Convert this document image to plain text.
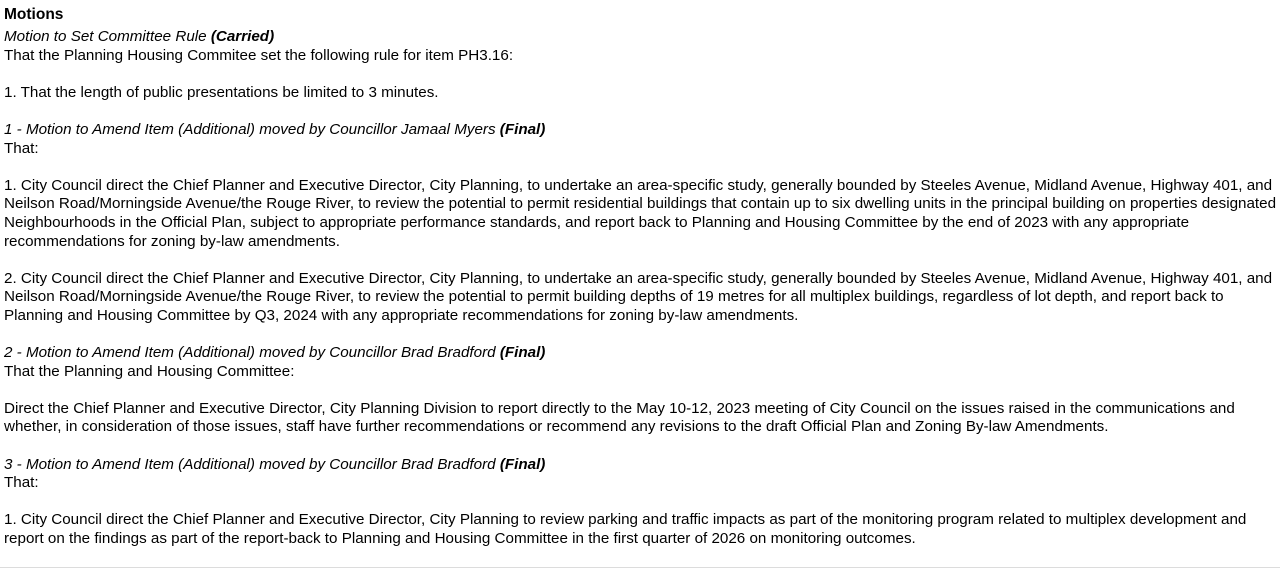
Motions
Motion to Set Committee Rule (Carried)

That the Planning Housing Commitee set the following rule for item PH3.16:

1. That the length of public presentations be limited to 3 minutes.

1 - Motion to Amend Item (Additional) moved by Councillor Jamaal Myers (Final)

That:

1. City Council direct the Chief Planner and Executive Director, City Planning, to undertake an area-specific study, generally bounded by Steeles Avenue, Midland Avenue, Highway 401, and Neilson Road/Morningside Avenue/the Rouge River, to review the potential to permit residential buildings that contain up to six dwelling units in the principal building on properties designated Neighbourhoods in the Official Plan, subject to appropriate performance standards, and report back to Planning and Housing Committee by the end of 2023 with any appropriate recommendations for zoning by-law amendments.

2. City Council direct the Chief Planner and Executive Director, City Planning, to undertake an area-specific study, generally bounded by Steeles Avenue, Midland Avenue, Highway 401, and Neilson Road/Morningside Avenue/the Rouge River, to review the potential to permit building depths of 19 metres for all multiplex buildings, regardless of lot depth, and report back to Planning and Housing Committee by Q3, 2024 with any appropriate recommendations for zoning by-law amendments.

2 - Motion to Amend Item (Additional) moved by Councillor Brad Bradford (Final)

That the Planning and Housing Committee:

Direct the Chief Planner and Executive Director, City Planning Division to report directly to the May 10-12, 2023 meeting of City Council on the issues raised in the communications and whether, in consideration of those issues, staff have further recommendations or recommend any revisions to the draft Official Plan and Zoning By-law Amendments.

3 - Motion to Amend Item (Additional) moved by Councillor Brad Bradford (Final)

That:

1. City Council direct the Chief Planner and Executive Director, City Planning to review parking and traffic impacts as part of the monitoring program related to multiplex development and report on the findings as part of the report-back to Planning and Housing Committee in the first quarter of 2026 on monitoring outcomes.
